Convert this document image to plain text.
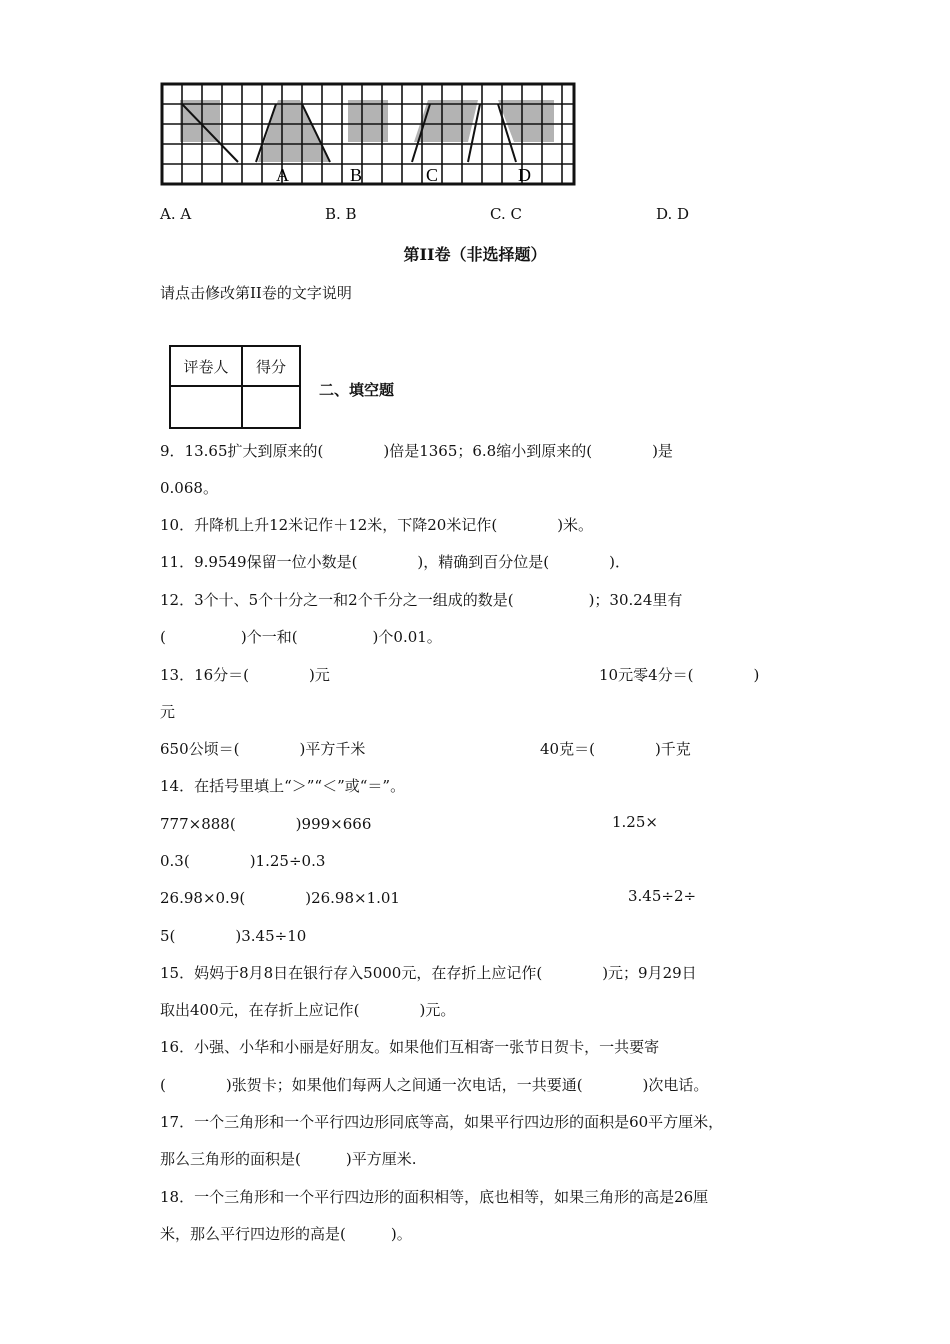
A	B	C	D
A. A	B. B	C. C	D. D
第II卷（非选择题）
请点击修改第II卷的文字说明
评卷人	得分

二、填空题
9．13.65扩大到原来的(　　　　)倍是1365；6.8缩小到原来的(　　　　)是
0.068。
10．升降机上升12米记作＋12米，下降20米记作(　　　　)米。
11．9.9549保留一位小数是(　　　　)，精确到百分位是(　　　　)．
12．3个十、5个十分之一和2个千分之一组成的数是(　　　　　)；30.24里有
(　　　　　)个一和(　　　　　)个0.01。
13．16分＝(　　　　)元	10元零4分＝(　　　　)
元
650公顷＝(　　　　)平方千米	40克＝(　　　　)千克
14．在括号里填上“＞”“＜”或“＝”。
777×888(　　　　)999×666	1.25×
0.3(　　　　)1.25÷0.3
26.98×0.9(　　　　)26.98×1.01	3.45÷2÷
5(　　　　)3.45÷10
15．妈妈于8月8日在银行存入5000元，在存折上应记作(　　　　)元；9月29日
取出400元，在存折上应记作(　　　　)元。
16．小强、小华和小丽是好朋友。如果他们互相寄一张节日贺卡，一共要寄
(　　　　)张贺卡；如果他们每两人之间通一次电话，一共要通(　　　　)次电话。
17．一个三角形和一个平行四边形同底等高，如果平行四边形的面积是60平方厘米，
那么三角形的面积是(　　　)平方厘米.
18．一个三角形和一个平行四边形的面积相等，底也相等，如果三角形的高是26厘
米，那么平行四边形的高是(　　　)。
